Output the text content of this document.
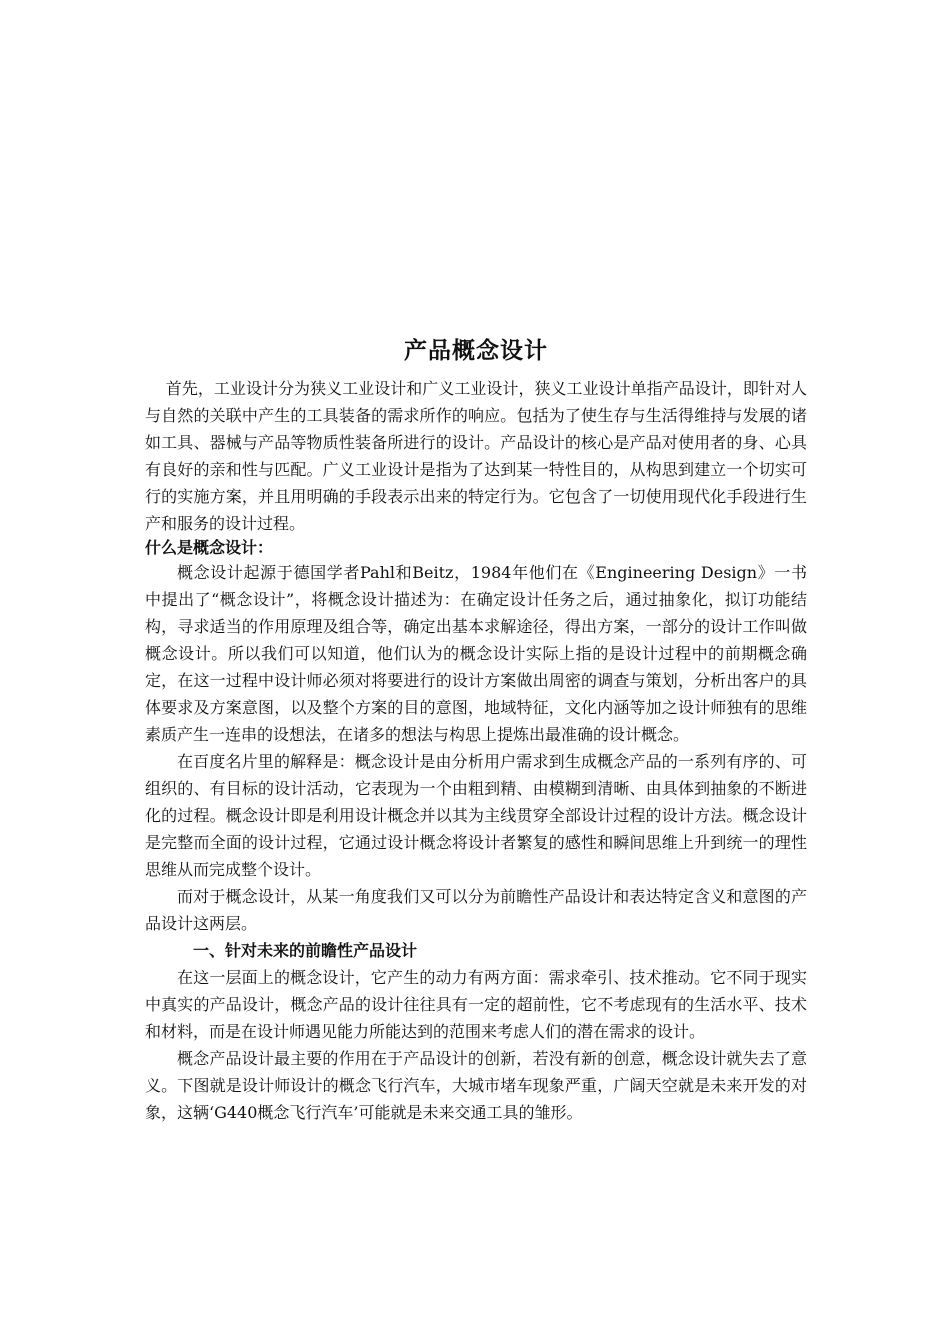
产品概念设计

首先，工业设计分为狭义工业设计和广义工业设计，狭义工业设计单指产品设计，即针对人与自然的关联中产生的工具装备的需求所作的响应。包括为了使生存与生活得维持与发展的诸如工具、器械与产品等物质性装备所进行的设计。产品设计的核心是产品对使用者的身、心具有良好的亲和性与匹配。广义工业设计是指为了达到某一特性目的，从构思到建立一个切实可行的实施方案，并且用明确的手段表示出来的特定行为。它包含了一切使用现代化手段进行生产和服务的设计过程。

什么是概念设计：

概念设计起源于德国学者Pahl和Beitz，1984年他们在《Engineering Design》一书中提出了“概念设计”，将概念设计描述为：在确定设计任务之后，通过抽象化，拟订功能结构，寻求适当的作用原理及组合等，确定出基本求解途径，得出方案，一部分的设计工作叫做概念设计。所以我们可以知道，他们认为的概念设计实际上指的是设计过程中的前期概念确定，在这一过程中设计师必须对将要进行的设计方案做出周密的调查与策划，分析出客户的具体要求及方案意图，以及整个方案的目的意图，地域特征，文化内涵等加之设计师独有的思维素质产生一连串的设想法，在诸多的想法与构思上提炼出最准确的设计概念。

在百度名片里的解释是：概念设计是由分析用户需求到生成概念产品的一系列有序的、可组织的、有目标的设计活动，它表现为一个由粗到精、由模糊到清晰、由具体到抽象的不断进化的过程。概念设计即是利用设计概念并以其为主线贯穿全部设计过程的设计方法。概念设计是完整而全面的设计过程，它通过设计概念将设计者繁复的感性和瞬间思维上升到统一的理性思维从而完成整个设计。

而对于概念设计，从某一角度我们又可以分为前瞻性产品设计和表达特定含义和意图的产品设计这两层。

一、针对未来的前瞻性产品设计

在这一层面上的概念设计，它产生的动力有两方面：需求牵引、技术推动。它不同于现实中真实的产品设计，概念产品的设计往往具有一定的超前性，它不考虑现有的生活水平、技术和材料，而是在设计师遇见能力所能达到的范围来考虑人们的潜在需求的设计。

概念产品设计最主要的作用在于产品设计的创新，若没有新的创意，概念设计就失去了意义。下图就是设计师设计的概念飞行汽车，大城市堵车现象严重，广阔天空就是未来开发的对象，这辆‘G440概念飞行汽车’可能就是未来交通工具的雏形。
